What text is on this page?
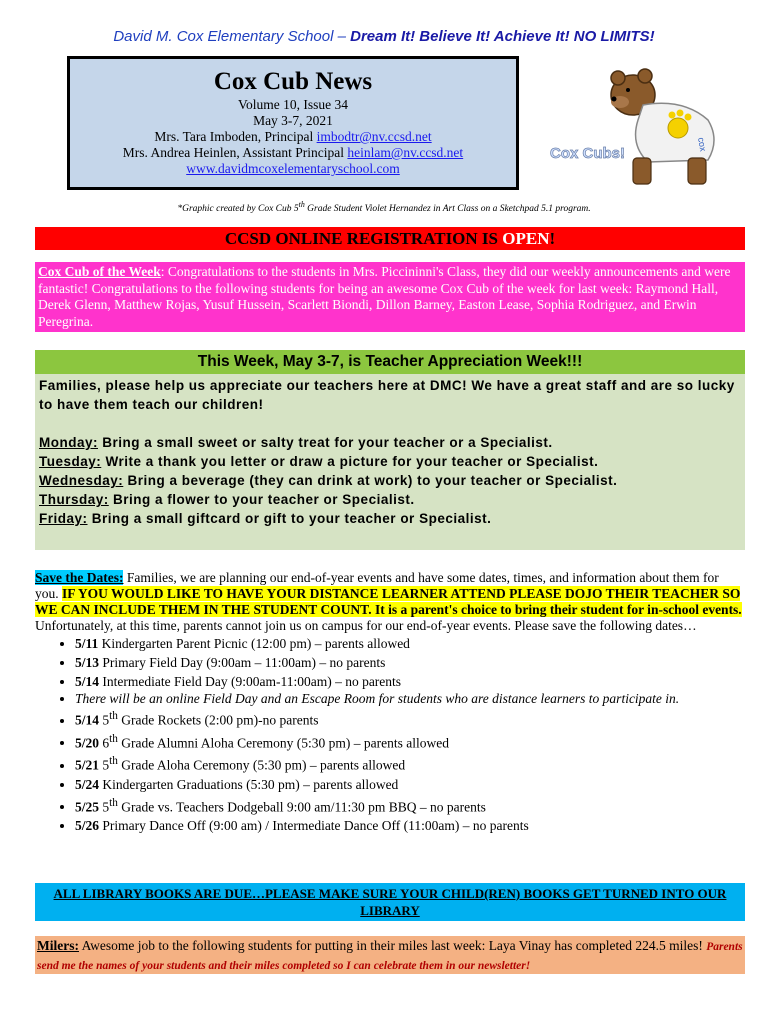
David M. Cox Elementary School – Dream It! Believe It! Achieve It! NO LIMITS!
Cox Cub News
Volume 10, Issue 34
May 3-7, 2021
Mrs. Tara Imboden, Principal imbodtr@nv.ccsd.net
Mrs. Andrea Heinlen, Assistant Principal heinlam@nv.ccsd.net
www.davidmcoxelementaryschool.com
cox
Cox Cubs!
*Graphic created by Cox Cub 5th Grade Student Violet Hernandez in Art Class on a Sketchpad 5.1 program.
CCSD ONLINE REGISTRATION IS OPEN!
Cox Cub of the Week: Congratulations to the students in Mrs. Piccininni's Class, they did our weekly announcements and were fantastic! Congratulations to the following students for being an awesome Cox Cub of the week for last week: Raymond Hall, Derek Glenn, Matthew Rojas, Yusuf Hussein, Scarlett Biondi, Dillon Barney, Easton Lease, Sophia Rodriguez, and Erwin Peregrina.
This Week, May 3-7, is Teacher Appreciation Week!!!
Families, please help us appreciate our teachers here at DMC! We have a great staff and are so lucky to have them teach our children!
Monday: Bring a small sweet or salty treat for your teacher or a Specialist.
Tuesday: Write a thank you letter or draw a picture for your teacher or Specialist.
Wednesday: Bring a beverage (they can drink at work) to your teacher or Specialist.
Thursday: Bring a flower to your teacher or Specialist.
Friday: Bring a small giftcard or gift to your teacher or Specialist.
Save the Dates: Families, we are planning our end-of-year events and have some dates, times, and information about them for you. IF YOU WOULD LIKE TO HAVE YOUR DISTANCE LEARNER ATTEND PLEASE DOJO THEIR TEACHER SO WE CAN INCLUDE THEM IN THE STUDENT COUNT. It is a parent's choice to bring their student for in-school events. Unfortunately, at this time, parents cannot join us on campus for our end-of-year events. Please save the following dates…
• 5/11 Kindergarten Parent Picnic (12:00 pm) – parents allowed
• 5/13 Primary Field Day (9:00am – 11:00am) – no parents
• 5/14 Intermediate Field Day (9:00am-11:00am) – no parents
• There will be an online Field Day and an Escape Room for students who are distance learners to participate in.
• 5/14 5th Grade Rockets (2:00 pm)-no parents
• 5/20 6th Grade Alumni Aloha Ceremony (5:30 pm) – parents allowed
• 5/21 5th Grade Aloha Ceremony (5:30 pm) – parents allowed
• 5/24 Kindergarten Graduations (5:30 pm) – parents allowed
• 5/25 5th Grade vs. Teachers Dodgeball 9:00 am/11:30 pm BBQ – no parents
• 5/26 Primary Dance Off (9:00 am) / Intermediate Dance Off (11:00am) – no parents
ALL LIBRARY BOOKS ARE DUE…PLEASE MAKE SURE YOUR CHILD(REN) BOOKS GET TURNED INTO OUR LIBRARY
Milers: Awesome job to the following students for putting in their miles last week: Laya Vinay has completed 224.5 miles! Parents send me the names of your students and their miles completed so I can celebrate them in our newsletter!
